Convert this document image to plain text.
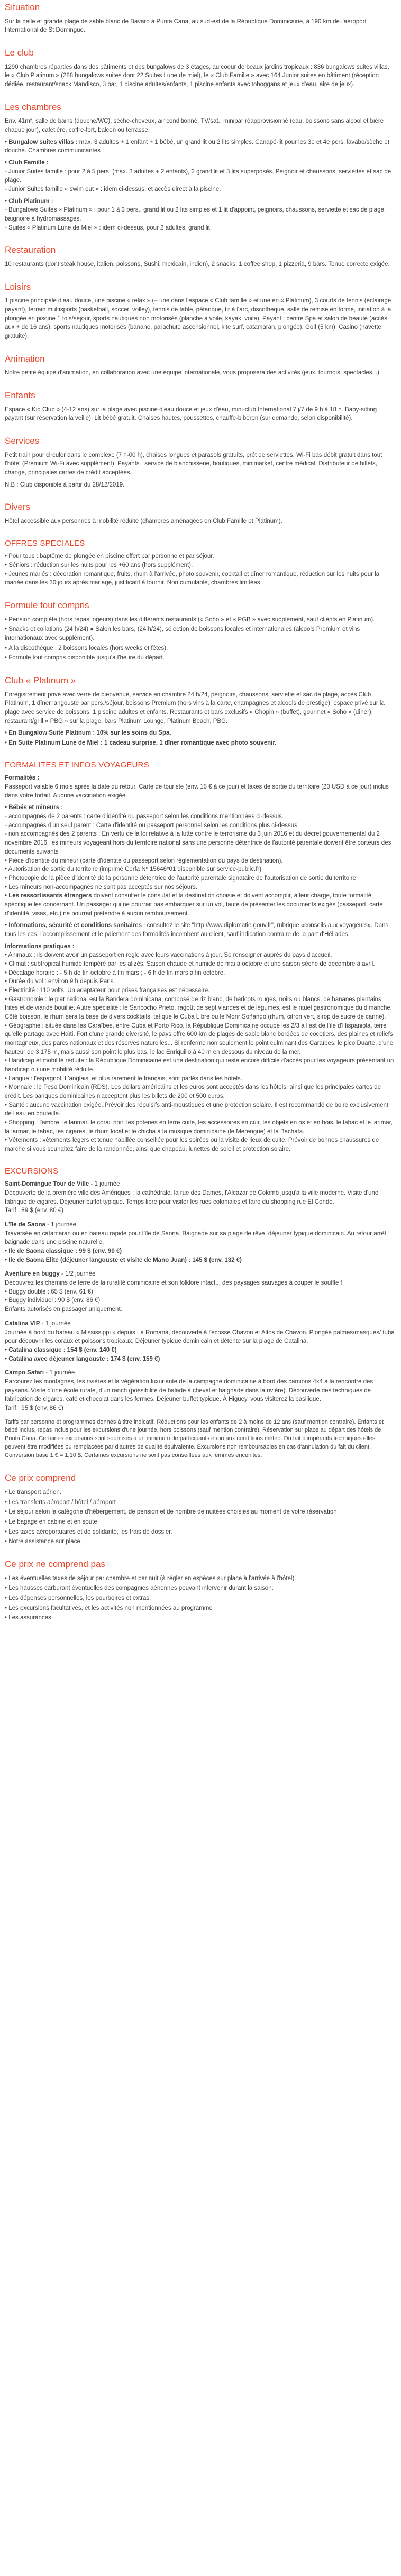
Situation

Sur la belle et grande plage de sable blanc de Bavaro à Punta Cana, au sud-est de la République Dominicaine, à 190 km de l'aéroport International de St Domingue.

Le club

1290 chambres réparties dans des bâtiments et des bungalows de 3 étages, au coeur de beaux jardins tropicaux : 836 bungalows suites villas, le « Club Platinum » (288 bungalows suites dont 22 Suites Lune de miel), le « Club Famille » avec 164 Junior suites en bâtiment (réception dédiée, restaurant/snack Mandisco, 3 bar, 1 piscine adultes/enfants, 1 piscine enfants avec toboggans et jeux d'eau, aire de jeux).

Les chambres

Env. 41m², salle de bains (douche/WC), sèche-cheveux, air conditionné, TV/sat., minibar réapprovisionné (eau, boissons sans alcool et bière chaque jour), cafetière, coffre-fort, balcon ou terrasse.

• Bungalow suites villas : max. 3 adultes + 1 enfant + 1 bébé, un grand lit ou 2 lits simples. Canapé-lit pour les 3e et 4e pers. lavabo/sèche et douche. Chambres communicantes

• Club Famille :
- Junior Suites famille : pour 2 à 5 pers. (max. 3 adultes + 2 enfants), 2 grand lit et 3 lits superposés. Peignoir et chaussons, serviettes et sac de plage.
- Junior Suites famille « swim out » : idem ci-dessus, et accès direct à la piscine.
• Club Platinum :
- Bungalows Suites « Platinum » : pour 1 à 3 pers., grand lit ou 2 lits simples et 1 lit d'appoint, peignoirs, chaussons, serviette et sac de plage, baignoire à hydromassages.
- Suites « Platinum Lune de Miel » : idem ci-dessus, pour 2 adultes, grand lit.
Restauration

10 restaurants (dont steak house, italien, poissons, Sushi, mexicain, indien), 2 snacks, 1 coffee shop, 1 pizzeria, 9 bars. Tenue correcte exigée.

Loisirs

1 piscine principale d'eau douce, une piscine « relax » (+ une dans l'espace « Club famille » et une en « Platinum), 3 courts de tennis (éclairage payant), terrain multisports (basketball, soccer, volley), tennis de table, pétanque, tir à l'arc, discothèque, salle de remise en forme, initiation à la plongée en piscine 1 fois/séjour, sports nautiques non motorisés (planche à voile, kayak, voile). Payant : centre Spa et salon de beauté (accès aux + de 16 ans), sports nautiques motorisés (banane, parachute ascensionnel, kite surf, catamaran, plongée), Golf (5 km), Casino (navette gratuite).

Animation

Notre petite équipe d'animation, en collaboration avec une équipe internationale, vous proposera des activités (jeux, tournois, spectacles...).

Enfants

Espace « Kid Club » (4-12 ans) sur la plage avec piscine d'eau douce et jeux d'eau, mini-club International 7 j/7 de 9 h à 18 h. Baby-sitting payant (sur réservation la veille). Lit bébé gratuit. Chaises hautes, poussettes, chauffe-biberon (sur demande, selon disponibilité).

Services

Petit train pour circuler dans le complexe (7 h-00 h), chaises longues et parasols gratuits, prêt de serviettes. Wi-Fi bas débit gratuit dans tout l'hôtel (Premium Wi-Fi avec supplément). Payants : service de blanchisserie, boutiques, minimarket, centre médical. Distributeur de billets, change, principales cartes de crédit acceptées.

N.B : Club disponible à partir du 28/12/2019.

Divers

Hôtel accessible aux personnes à mobilité réduite (chambres aménagées en Club Famille et Platinum).

OFFRES SPECIALES
• Pour tous : baptême de plongée en piscine offert par personne et par séjour.
• Séniors : réduction sur les nuits pour les +60 ans (hors supplément).
• Jeunes mariés : décoration romantique, fruits, rhum à l'arrivée, photo souvenir, cocktail et dîner romantique, réduction sur les nuits pour la mariée dans les 30 jours après mariage, justificatif à fournir. Non cumulable, chambres limitées.
Formule tout compris
• Pension complète (hors repas logeurs) dans les différents restaurants (« Soho » et « PGB » avec supplément, sauf clients en Platinum).
• Snacks et collations (24 h/24) ● Salon les bars, (24 h/24), sélection de boissons locales et internationales (alcools Premium et vins internationaux avec supplément).
• A la discothèque : 2 boissons locales (hors weeks et fêtes).
• Formule tout compris disponible jusqu'à l'heure du départ.
Club « Platinum »

Enregistrement privé avec verre de bienvenue, service en chambre 24 h/24, peignoirs, chaussons, serviette et sac de plage, accès Club Platinum, 1 dîner langouste par pers./séjour, boissons Premium (hors vins à la carte, champagnes et alcools de prestige), espace privé sur la plage avec service de boissons, 1 piscine adultes et enfants. Restaurants et bars exclusifs « Chopin » (buffet), gourmet « Soho » (dîner), restaurant/grill « PBG » sur la plage, bars Platinum Lounge, Platinum Beach, PBG.

• En Bungalow Suite Platinum : 10% sur les soins du Spa.
• En Suite Platinum Lune de Miel : 1 cadeau surprise, 1 dîner romantique avec photo souvenir.
FORMALITES ET INFOS VOYAGEURS
Formalités :

Passeport valable 6 mois après la date du retour. Carte de touriste (env. 15 € à ce jour) et taxes de sortie du territoire (20 USD à ce jour) inclus dans votre forfait. Aucune vaccination exigée.

• Bébés et mineurs :
- accompagnés de 2 parents : carte d'identité ou passeport selon les conditions mentionnées ci-dessus.
- accompagnés d'un seul parent : Carte d'identité ou passeport personnel selon les conditions plus ci-dessus.
- non accompagnés des 2 parents : En vertu de la loi relative à la lutte contre le terrorisme du 3 juin 2016 et du décret gouvernemental du 2 novembre 2016, les mineurs voyageant hors du territoire national sans une personne détentrice de l'autorité parentale doivent être porteurs des documents suivants :
• Pièce d'identité du mineur (carte d'identité ou passeport selon réglementation du pays de destination).
• Autorisation de sortie du territoire (imprimé Cerfa Nº 15646*01 disponible sur service-public.fr)
• Photocopie de la pièce d'identité de la personne détentrice de l'autorité parentale signataire de l'autorisation de sortie du territoire
• Les mineurs non-accompagnés ne sont pas acceptés sur nos séjours.

• Les ressortissants étrangers doivent consulter le consulat et la destination choisie et doivent accomplir, à leur charge, toute formalité spécifique les concernant. Un passager qui ne pourrait pas embarquer sur un vol, faute de présenter les documents exigés (passeport, carte d'identité, visas, etc.) ne pourrait prétendre à aucun remboursement.

• Informations, sécurité et conditions sanitaires : consultez le site "http://www.diplomatie.gouv.fr", rubrique «conseils aux voyageurs». Dans tous les cas, l'accomplissement et le paiement des formalités incombent au client, sauf indication contraire de la part d'Héliades.

Informations pratiques :
• Animaux : ils doivent avoir un passeport en règle avec leurs vaccinations à jour. Se renseigner auprès du pays d'accueil.
• Climat : subtropical humide tempéré par les alizés. Saison chaude et humide de mai à octobre et une saison sèche de décembre à avril.
• Décalage horaire : - 5 h de fin octobre à fin mars ; - 6 h de fin mars à fin octobre.
• Durée du vol : environ 9 h depuis Paris.
• Électricité : 110 volts. Un adaptateur pour prises françaises est nécessaire.
• Gastronomie : le plat national est la Bandera dominicana, composé de riz blanc, de haricots rouges, noirs ou blancs, de bananes plantains frites et de viande bouillie. Autre spécialité : le Sancocho Prieto, ragoût de sept viandes et de légumes, est le rituel gastronomique du dimanche. Côté boisson, le rhum sera la base de divers cocktails, tel que le Cuba Libre ou le Morir Soñando (rhum, citron vert, sirop de sucre de canne).
• Géographie : située dans les Caraïbes, entre Cuba et Porto Rico, la République Dominicaine occupe les 2/3 à l'est de l'île d'Hispaniola, terre qu'elle partage avec Haïti. Fort d'une grande diversité, le pays offre 600 km de plages de sable blanc bordées de cocotiers, des plaines et reliefs montagneux, des parcs nationaux et des réserves naturelles... Si renferme non seulement le point culminant des Caraïbes, le pico Duarte, d'une hauteur de 3 175 m, mais aussi son point le plus bas, le lac Enriquillo à 40 m en dessous du niveau de la mer.
• Handicap et mobilité réduite : la République Dominicaine est une destination qui reste encore difficile d'accès pour les voyageurs présentant un handicap ou une mobilité réduite.
• Langue : l'espagnol. L'anglais, et plus rarement le français, sont parlés dans les hôtels.
• Monnaie : le Peso Dominicain (RDS). Les dollars américains et les euros sont acceptés dans les hôtels, ainsi que les principales cartes de crédit. Les banques dominicaines n'acceptent plus les billets de 200 et 500 euros.
• Santé : aucune vaccination exigée. Prévoir des répulsifs anti-moustiques et une protection solaire. Il est recommandé de boire exclusivement de l'eau en bouteille.
• Shopping : l'ambre, le larimar, le corail noir, les poteries en terre cuite, les accessoires en cuir, les objets en os et en bois, le tabac et le larimar, la larmar, le tabac, les cigares, le rhum local et le chicha à la musique dominicaine (le Merengue) et la Bachata.
• Vêtements : vêtements légers et tenue habillée conseillée pour les soirées ou la visite de lieux de culte. Prévoir de bonnes chaussures de marche si vous souhaitez faire de la randonnée, ainsi que chapeau, lunettes de soleil et protection solaire.
EXCURSIONS
Saint-Domingue Tour de Ville - 1 journée
Découverte de la première ville des Amériques : la cathédrale, la rue des Dames, l'Alcazar de Colomb jusqu'à la ville moderne. Visite d'une fabrique de cigares. Déjeuner buffet typique. Temps libre pour visiter les rues coloniales et faire du shopping rue El Conde.
Tarif : 89 $ (env. 80 €)
L'île de Saona - 1 journée
Traversée en catamaran ou en bateau rapide pour l'île de Saona. Baignade sur sa plage de rêve, déjeuner typique dominicain. Au retour arrêt baignade dans une piscine naturelle.
• Ile de Saona classique : 99 $ (env. 90 €)
• Ile de Saona Elite (déjeuner langouste et visite de Mano Juan) : 145 $ (env. 132 €)
Aventure en buggy - 1/2 journée
Découvrez les chemins de terre de la ruralité dominicaine et son folklore intact... des paysages sauvages à couper le souffle !
• Buggy double : 65 $ (env. 61 €)
• Buggy individuel : 90 $ (env. 86 €)
Enfants autorisés en passager uniquement.
Catalina VIP - 1 journée
Journée à bord du bateau « Mississippi » depuis La Romana, découverte à l'écosse Chavon et Altos de Chavon. Plongée palmes/masques/ tuba pour découvrir les coraux et poissons tropicaux. Déjeuner typique dominicain et détente sur la plage de Catalina.
• Catalina classique : 154 $ (env. 140 €)
• Catalina avec déjeuner langouste : 174 $ (env. 159 €)
Campo Safari - 1 journée
Parcourez les montagnes, les rivières et la végétation luxuriante de la campagne dominicaine à bord des camions 4x4 à la rencontre des paysans. Visite d'une école rurale, d'un ranch (possibilité de balade à cheval et baignade dans la rivière). Découverte des techniques de fabrication de cigares, café et chocolat dans les fermes. Déjeuner buffet typique. À Higuey, vous visiterez la basilique.
Tarif : 95 $ (env. 86 €)

Tarifs par personne et programmes donnés à titre indicatif. Réductions pour les enfants de 2 à moins de 12 ans (sauf mention contraire). Enfants et bébé inclus, repas inclus pour les excursions d'une journée, hors boissons (sauf mention contraire). Réservation sur place au départ des hôtels de Punta Cana. Certaines excursions sont soumises à un minimum de participants et/ou aux conditions météo. Du fait d'impératifs techniques elles peuvent être modifiées ou remplacées par d'autres de qualité équivalente. Excursions non remboursables en cas d'annulation du fait du client. Conversion base 1 € = 1,10 $. Certaines excursions ne sont pas conseillées aux femmes enceintes.

Ce prix comprend
• Le transport aérien.
• Les transferts aéroport / hôtel / aéroport
• Le séjour selon la catégorie d'hébergement, de pension et de nombre de nuitées choisies au moment de votre réservation
• Le bagage en cabine et en soute
• Les taxes aéroportuaires et de solidarité, les frais de dossier.
• Notre assistance sur place.
Ce prix ne comprend pas
• Les éventuelles taxes de séjour par chambre et par nuit (à régler en espèces sur place à l'arrivée à l'hôtel).
• Les hausses carburant éventuelles des compagnies aériennes pouvant intervenir durant la saison.
• Les dépenses personnelles, les pourboires et extras.
• Les excursions facultatives, et les activités non mentionnées au programme
• Les assurances.
